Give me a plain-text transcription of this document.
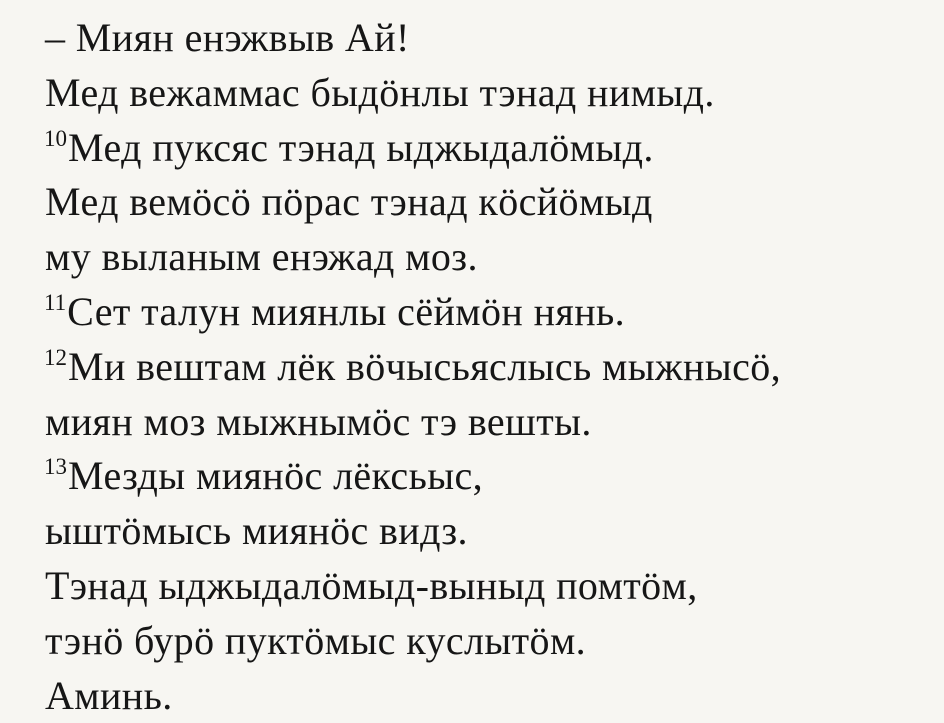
– Миян енэжвыв Ай!
Мед вежаммас быдӧнлы тэнад нимыд.
$^{10}$Мед пуксяс тэнад ыджыдалӧмыд.
Мед вемӧсӧ пӧрас тэнад кӧсйӧмыд
му выланым енэжад моз.
$^{11}$Сет талун миянлы сёймӧн нянь.
$^{12}$Ми вештам лёк вӧчысьяслысь мыжнысӧ,
миян моз мыжнымӧс тэ вешты.
$^{13}$Мезды миянӧс лёксьыс,
ыштӧмысь миянӧс видз.
Тэнад ыджыдалӧмыд-выныд помтӧм,
тэнӧ бурӧ пуктӧмыс куслытӧм.
Аминь.
